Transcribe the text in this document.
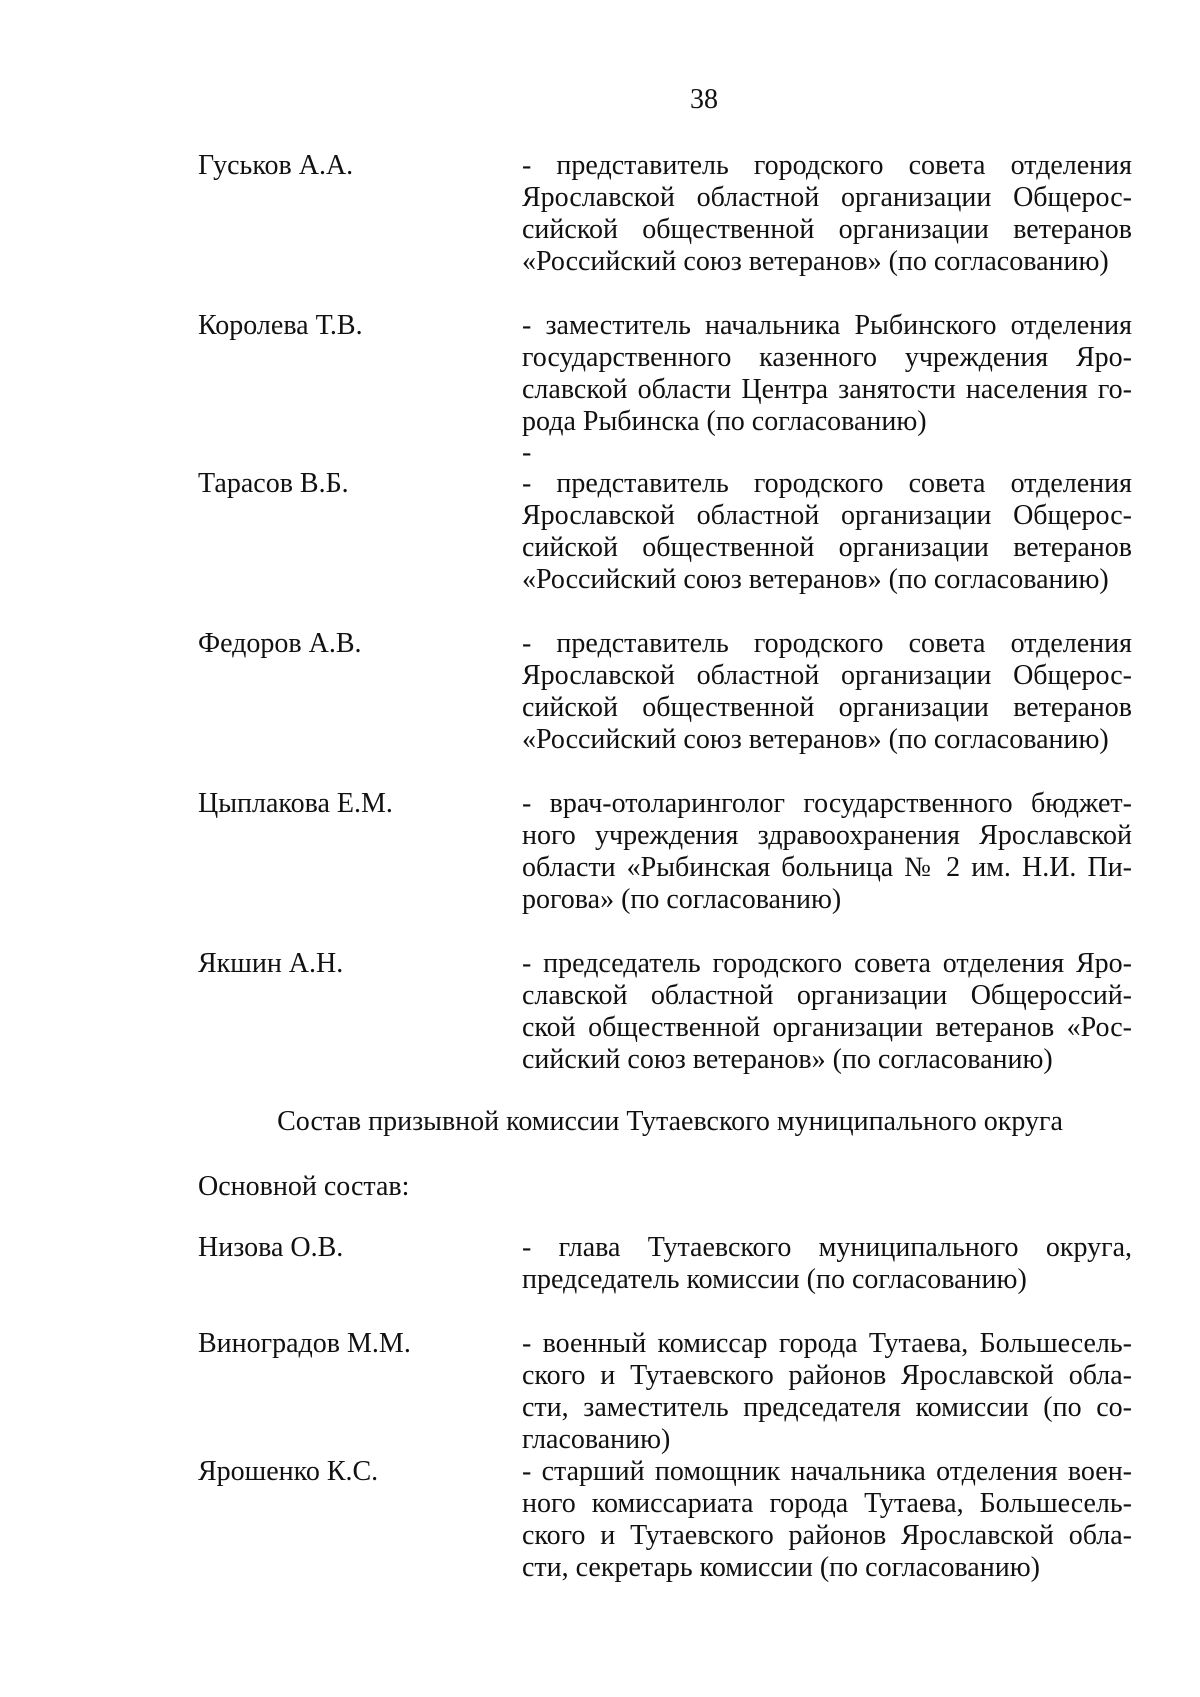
38
Гуськов А.А.	- представитель городского совета отделения
Ярославской областной организации Общерос-
сийской общественной организации ветеранов
«Российский союз ветеранов» (по согласованию)
Королева Т.В.	- заместитель начальника Рыбинского отделения
государственного казенного учреждения Яро-
славской области Центра занятости населения го-
рода Рыбинска (по согласованию)
-
Тарасов В.Б.	- представитель городского совета отделения
Ярославской областной организации Общерос-
сийской общественной организации ветеранов
«Российский союз ветеранов» (по согласованию)
Федоров А.В.	- представитель городского совета отделения
Ярославской областной организации Общерос-
сийской общественной организации ветеранов
«Российский союз ветеранов» (по согласованию)
Цыплакова Е.М.	- врач-отоларинголог государственного бюджет-
ного учреждения здравоохранения Ярославской
области «Рыбинская больница № 2 им. Н.И. Пи-
рогова» (по согласованию)
Якшин А.Н.	- председатель городского совета отделения Яро-
славской областной организации Общероссий-
ской общественной организации ветеранов «Рос-
сийский союз ветеранов» (по согласованию)
Состав призывной комиссии Тутаевского муниципального округа
Основной состав:
Низова О.В.	- глава Тутаевского муниципального округа,
председатель комиссии (по согласованию)
Виноградов М.М.	- военный комиссар города Тутаева, Большесель-
ского и Тутаевского районов Ярославской обла-
сти, заместитель председателя комиссии (по со-
гласованию)
Ярошенко К.С.	- старший помощник начальника отделения воен-
ного комиссариата города Тутаева, Большесель-
ского и Тутаевского районов Ярославской обла-
сти, секретарь комиссии (по согласованию)
